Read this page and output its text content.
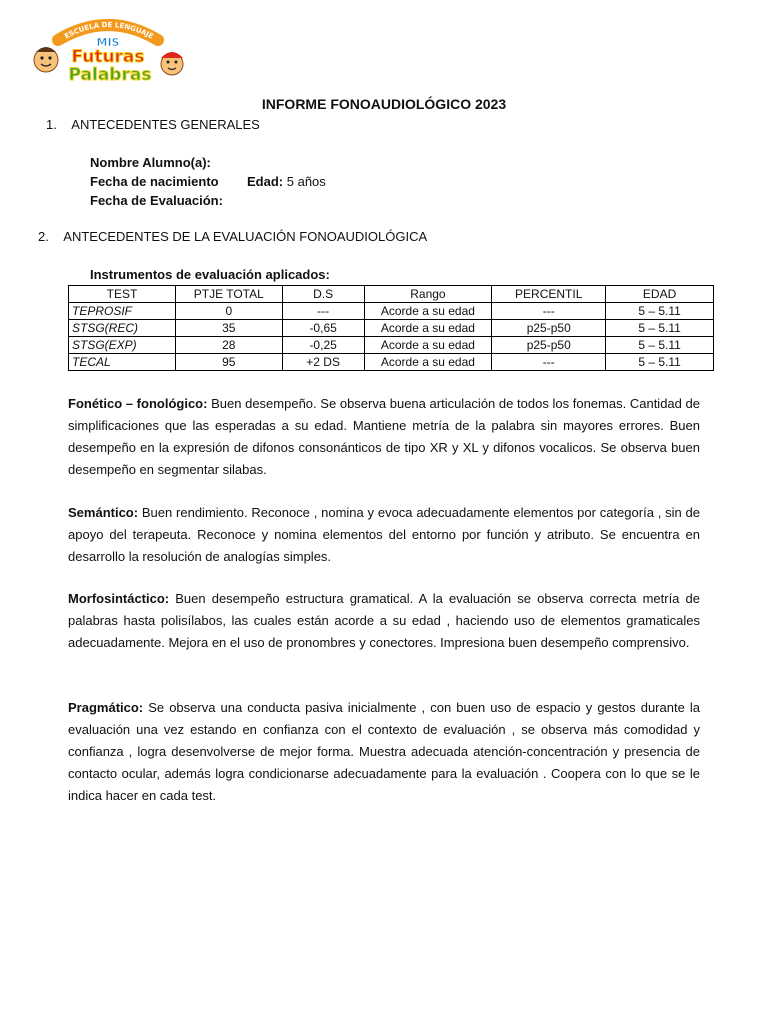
ESCUELA DE LENGUAJE
MIS
Futuras
Palabras
INFORME FONOAUDIOLÓGICO 2023
1.    ANTECEDENTES GENERALES
Nombre Alumno(a):
Fecha de nacimiento Edad: 5 años
Fecha de Evaluación:
2.    ANTECEDENTES DE LA EVALUACIÓN FONOAUDIOLÓGICA
Instrumentos de evaluación aplicados:
TEST	PTJE TOTAL	D.S	Rango	PERCENTIL	EDAD
TEPROSIF	0	---	Acorde a su edad	---	5 – 5.11
STSG(REC)	35	-0,65	Acorde a su edad	p25-p50	5 – 5.11
STSG(EXP)	28	-0,25	Acorde a su edad	p25-p50	5 – 5.11
TECAL	95	+2 DS	Acorde a su edad	---	5 – 5.11
Fonético – fonológico: Buen desempeño. Se observa buena articulación de todos los fonemas. Cantidad de simplificaciones que las esperadas a su edad. Mantiene metría de la palabra sin mayores errores. Buen desempeño en la expresión de difonos consonánticos de tipo XR y XL y difonos vocalicos. Se observa buen desempeño en segmentar silabas.
Semántico: Buen rendimiento. Reconoce , nomina y evoca adecuadamente elementos por categoría , sin de apoyo del terapeuta. Reconoce y nomina elementos del entorno por función y atributo. Se encuentra en desarrollo la resolución de analogías simples.
Morfosintáctico: Buen desempeño estructura gramatical. A la evaluación se observa correcta metría de palabras hasta polisílabos, las cuales están acorde a su edad , haciendo uso de elementos gramaticales adecuadamente. Mejora en el uso de pronombres y conectores. Impresiona buen desempeño comprensivo.
Pragmático: Se observa una conducta pasiva inicialmente , con buen uso de espacio y gestos durante la evaluación una vez estando en confianza con el contexto de evaluación , se observa más comodidad y confianza , logra desenvolverse de mejor forma. Muestra adecuada atención-concentración y presencia de contacto ocular, además logra condicionarse adecuadamente para la evaluación . Coopera con lo que se le indica hacer en cada test.
